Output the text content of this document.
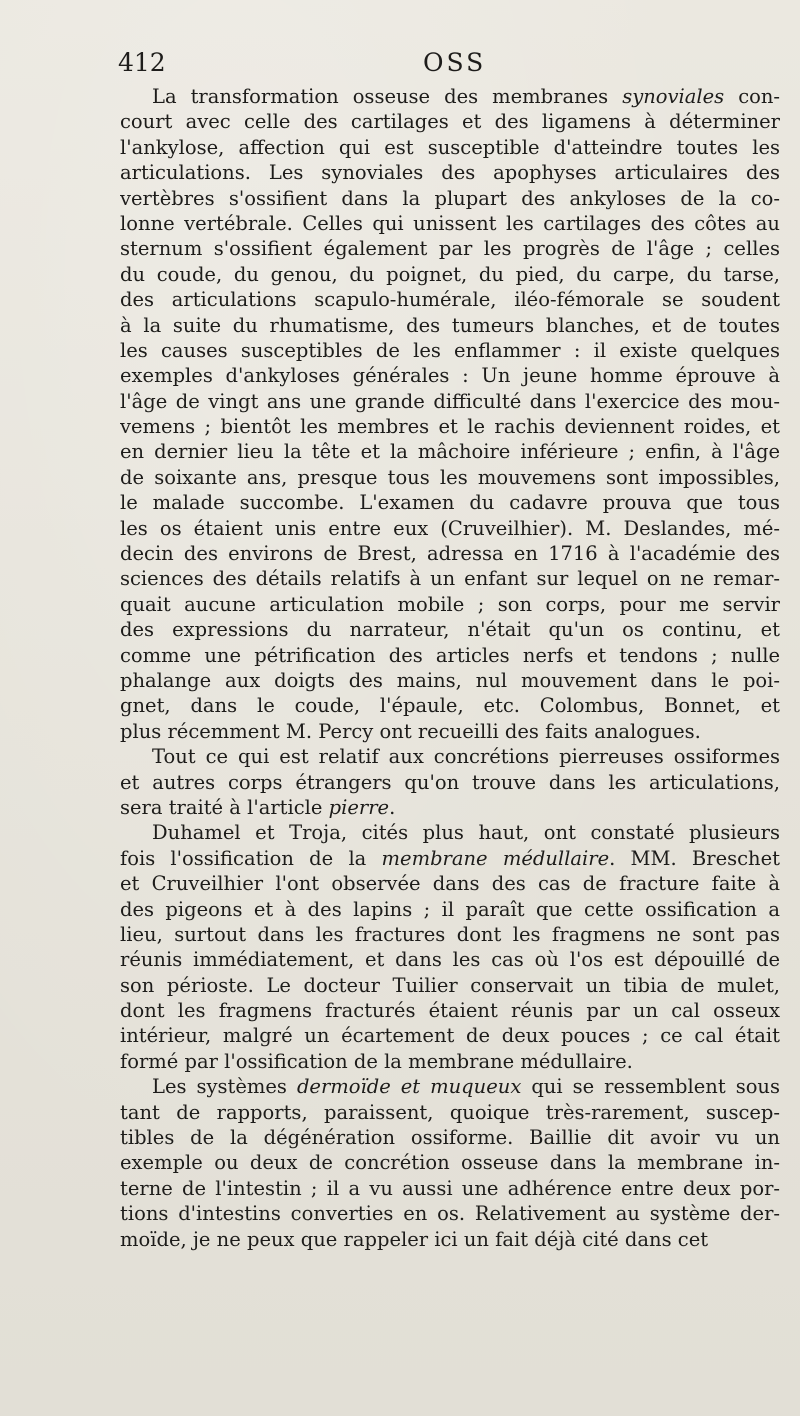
412	OSS
La transformation osseuse des membranes synoviales con-
court avec celle des cartilages et des ligamens à déterminer
l'ankylose, affection qui est susceptible d'atteindre toutes les
articulations. Les synoviales des apophyses articulaires des
vertèbres s'ossifient dans la plupart des ankyloses de la co-
lonne vertébrale. Celles qui unissent les cartilages des côtes au
sternum s'ossifient également par les progrès de l'âge ; celles
du coude, du genou, du poignet, du pied, du carpe, du tarse,
des articulations scapulo-humérale, iléo-fémorale se soudent
à la suite du rhumatisme, des tumeurs blanches, et de toutes
les causes susceptibles de les enflammer : il existe quelques
exemples d'ankyloses générales : Un jeune homme éprouve à
l'âge de vingt ans une grande difficulté dans l'exercice des mou-
vemens ; bientôt les membres et le rachis deviennent roides, et
en dernier lieu la tête et la mâchoire inférieure ; enfin, à l'âge
de soixante ans, presque tous les mouvemens sont impossibles,
le malade succombe. L'examen du cadavre prouva que tous
les os étaient unis entre eux (Cruveilhier). M. Deslandes, mé-
decin des environs de Brest, adressa en 1716 à l'académie des
sciences des détails relatifs à un enfant sur lequel on ne remar-
quait aucune articulation mobile ; son corps, pour me servir
des expressions du narrateur, n'était qu'un os continu, et
comme une pétrification des articles nerfs et tendons ; nulle
phalange aux doigts des mains, nul mouvement dans le poi-
gnet, dans le coude, l'épaule, etc. Colombus, Bonnet, et
plus récemment M. Percy ont recueilli des faits analogues.
Tout ce qui est relatif aux concrétions pierreuses ossiformes
et autres corps étrangers qu'on trouve dans les articulations,
sera traité à l'article pierre.
Duhamel et Troja, cités plus haut, ont constaté plusieurs
fois l'ossification de la membrane médullaire. MM. Breschet
et Cruveilhier l'ont observée dans des cas de fracture faite à
des pigeons et à des lapins ; il paraît que cette ossification a
lieu, surtout dans les fractures dont les fragmens ne sont pas
réunis immédiatement, et dans les cas où l'os est dépouillé de
son périoste. Le docteur Tuilier conservait un tibia de mulet,
dont les fragmens fracturés étaient réunis par un cal osseux
intérieur, malgré un écartement de deux pouces ; ce cal était
formé par l'ossification de la membrane médullaire.
Les systèmes dermoïde et muqueux qui se ressemblent sous
tant de rapports, paraissent, quoique très-rarement, suscep-
tibles de la dégénération ossiforme. Baillie dit avoir vu un
exemple ou deux de concrétion osseuse dans la membrane in-
terne de l'intestin ; il a vu aussi une adhérence entre deux por-
tions d'intestins converties en os. Relativement au système der-
moïde, je ne peux que rappeler ici un fait déjà cité dans cet
